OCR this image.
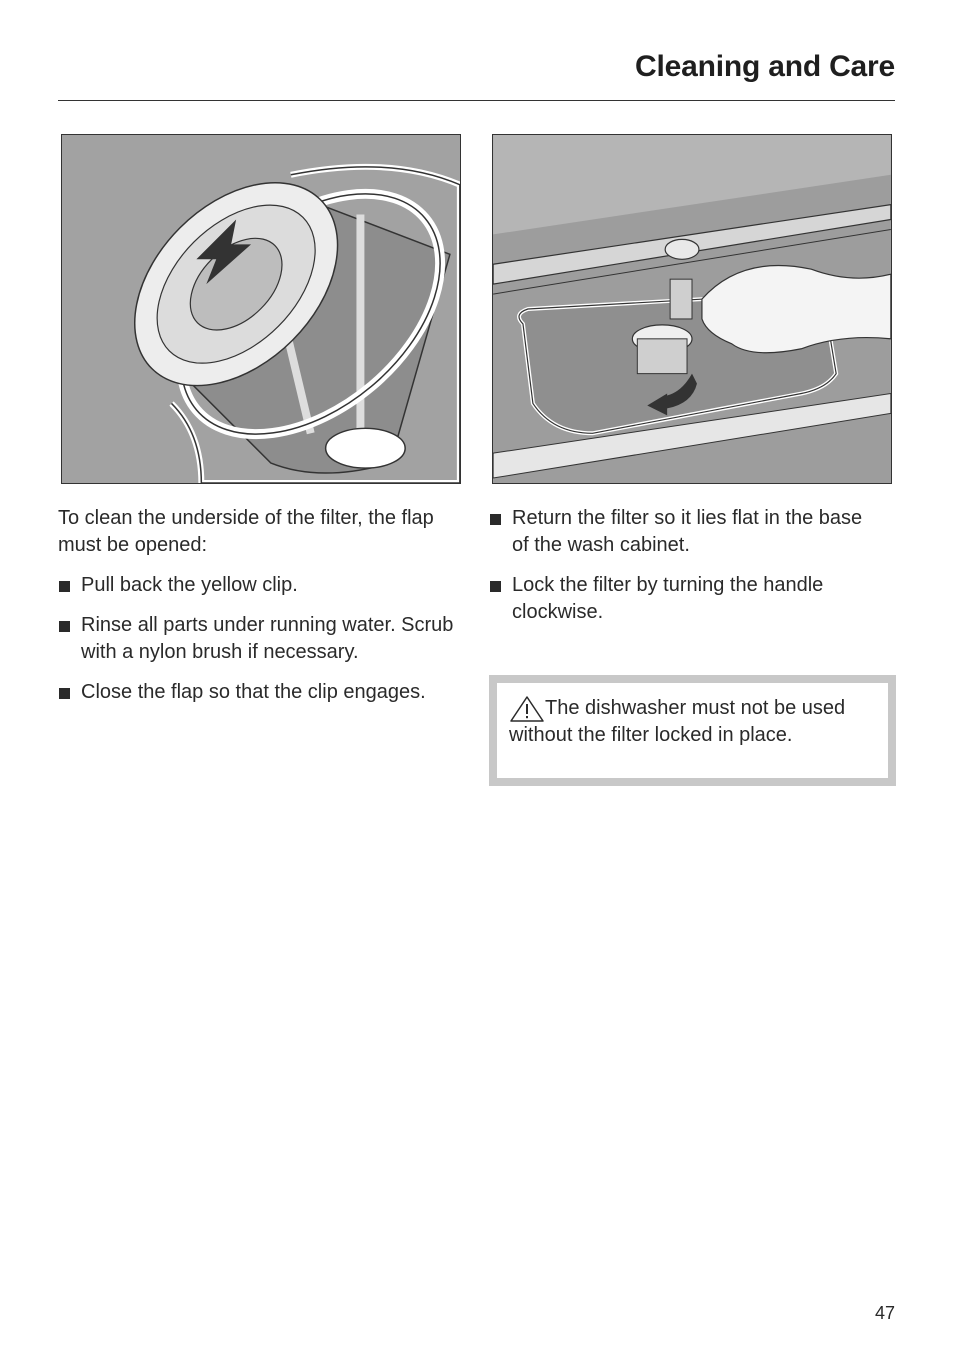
Cleaning and Care

To clean the underside of the filter, the flap must be opened:

Pull back the yellow clip.

Rinse all parts under running water. Scrub with a nylon brush if necessary.

Close the flap so that the clip engages.

Return the filter so it lies flat in the base of the wash cabinet.

Lock the filter by turning the handle clockwise.

The dishwasher must not be used without the filter locked in place.
47
